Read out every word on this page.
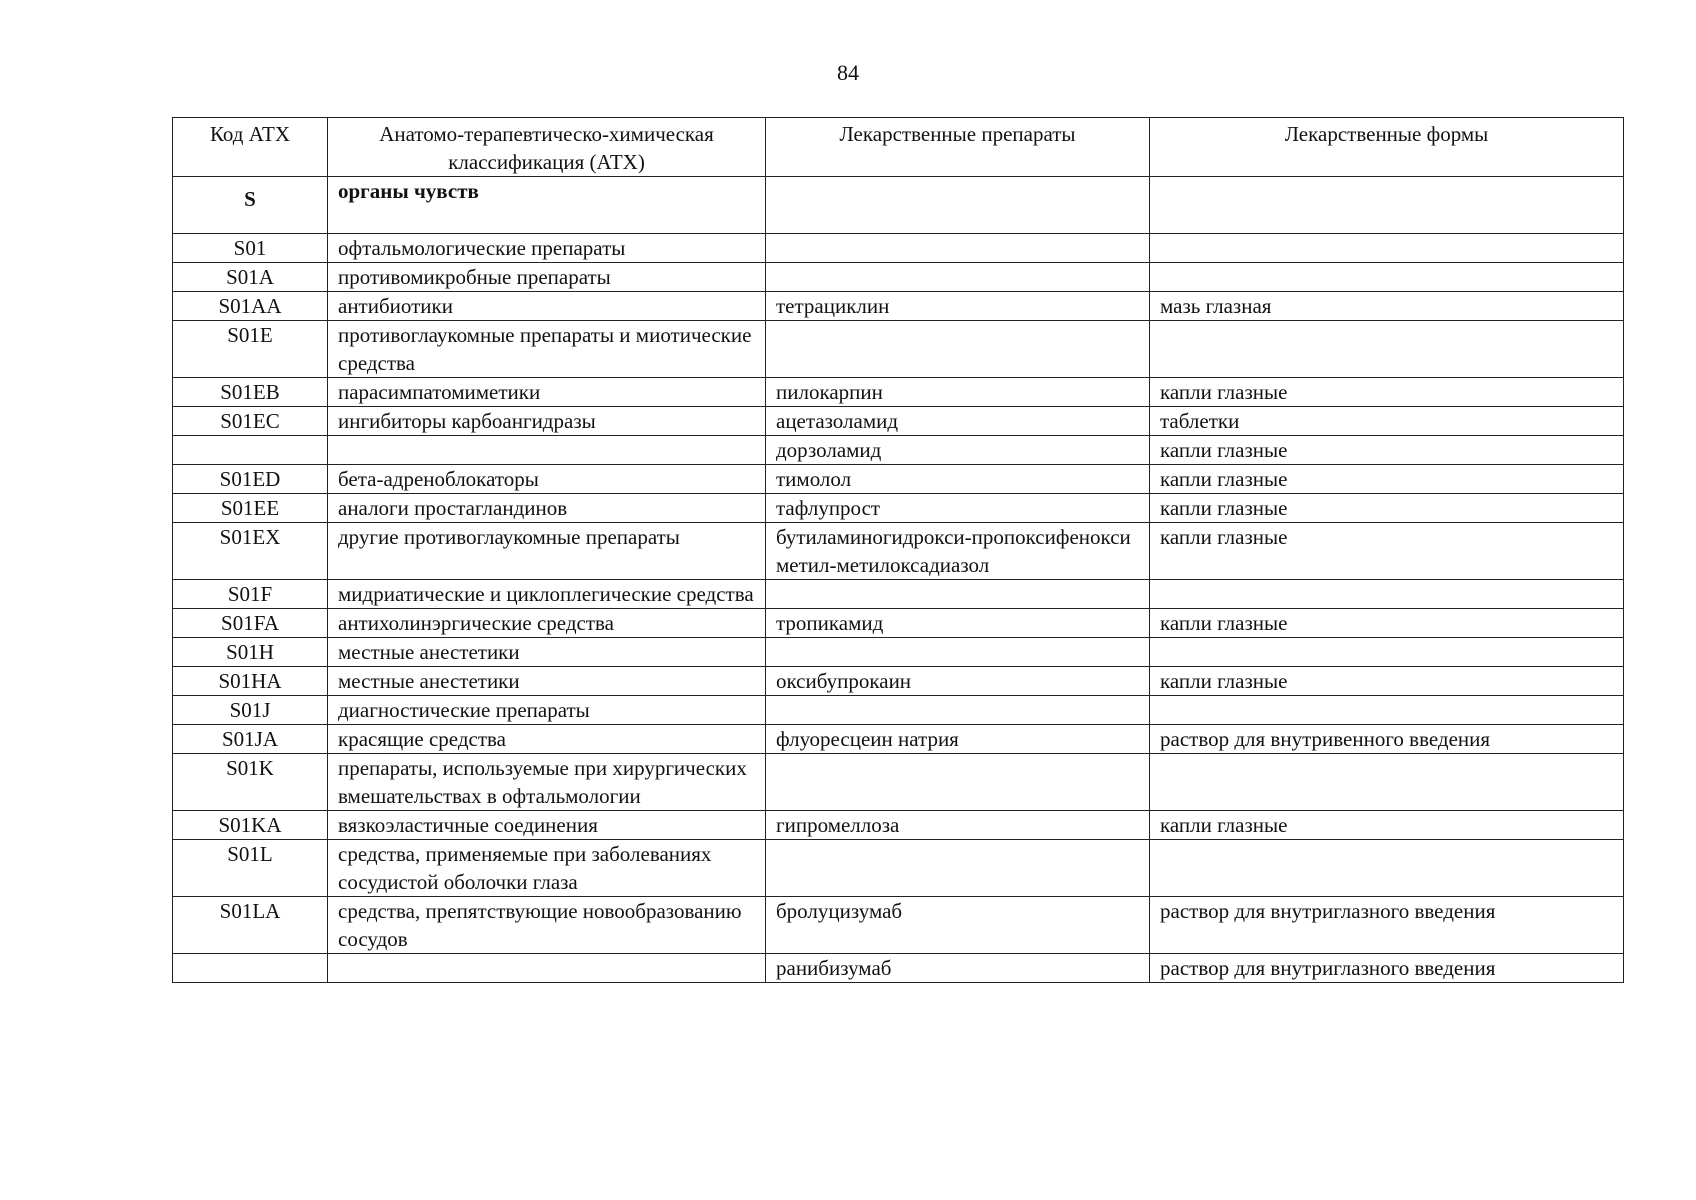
84
Код АТХ	Анатомо-терапевтическо-химическая классификация (АТХ)	Лекарственные препараты	Лекарственные формы
S	органы чувств		
S01	офтальмологические препараты		
S01A	противомикробные препараты		
S01AA	антибиотики	тетрациклин	мазь глазная
S01E	противоглаукомные препараты и миотические средства		
S01EB	парасимпатомиметики	пилокарпин	капли глазные
S01EC	ингибиторы карбоангидразы	ацетазоламид	таблетки
		дорзоламид	капли глазные
S01ED	бета-адреноблокаторы	тимолол	капли глазные
S01EE	аналоги простагландинов	тафлупрост	капли глазные
S01EX	другие противоглаукомные препараты	бутиламиногидрокси-пропоксифеноксиметил-метилоксадиазол	капли глазные
S01F	мидриатические и циклоплегические средства		
S01FA	антихолинэргические средства	тропикамид	капли глазные
S01H	местные анестетики		
S01HA	местные анестетики	оксибупрокаин	капли глазные
S01J	диагностические препараты		
S01JA	красящие средства	флуоресцеин натрия	раствор для внутривенного введения
S01K	препараты, используемые при хирургических вмешательствах в офтальмологии		
S01KA	вязкоэластичные соединения	гипромеллоза	капли глазные
S01L	средства, применяемые при заболеваниях сосудистой оболочки глаза		
S01LA	средства, препятствующие новообразованию сосудов	бролуцизумаб	раствор для внутриглазного введения
		ранибизумаб	раствор для внутриглазного введения
